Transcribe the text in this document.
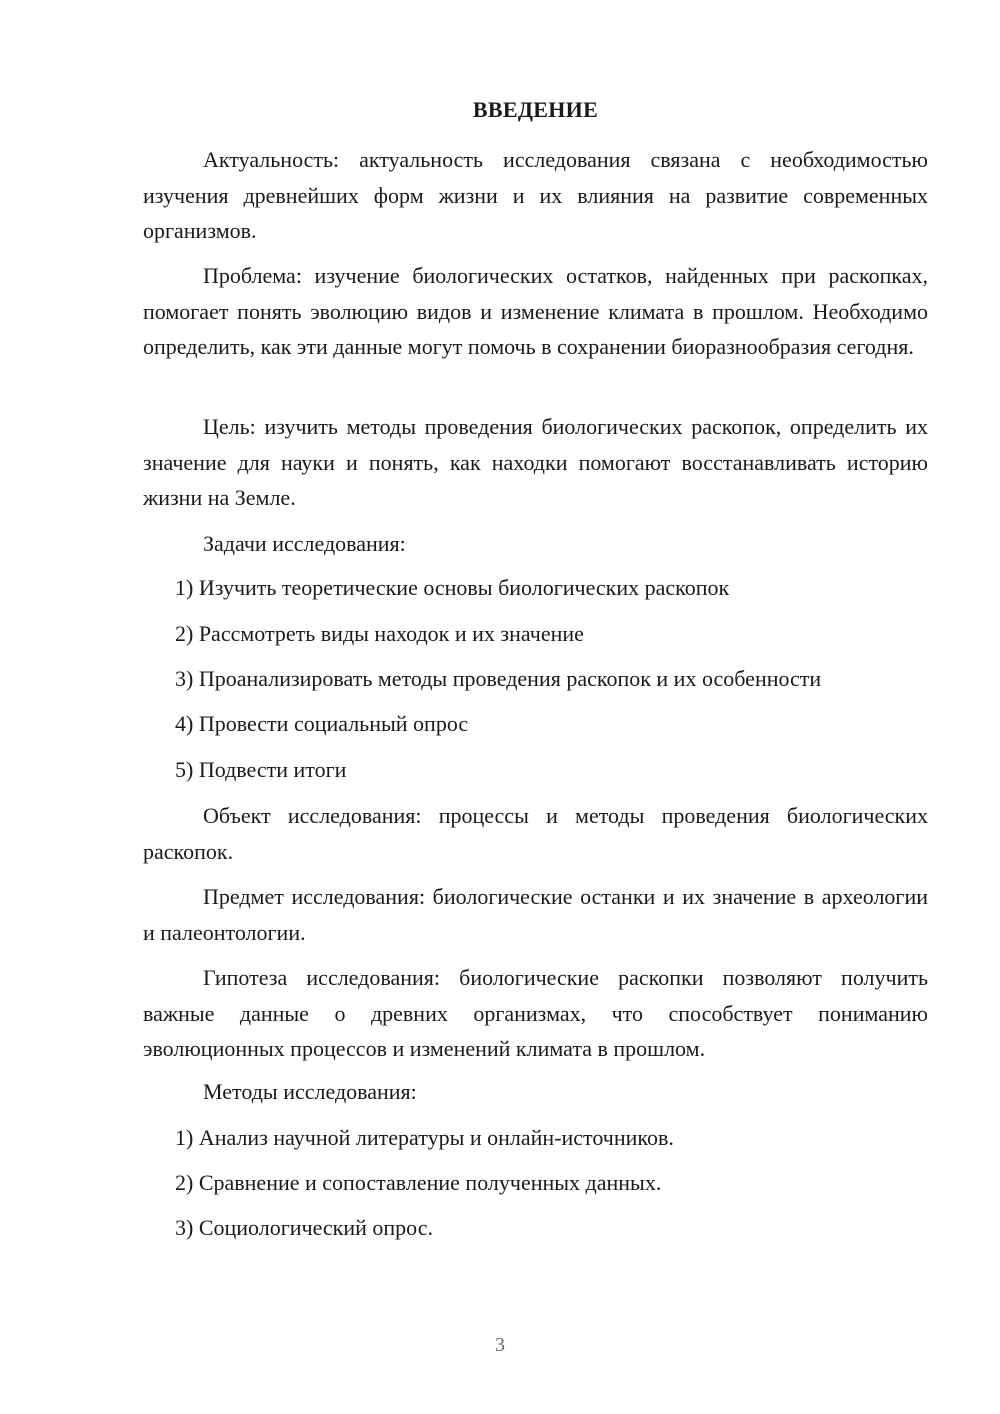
ВВЕДЕНИЕ

Актуальность: актуальность исследования связана с необходимостью изучения древнейших форм жизни и их влияния на развитие современных организмов.

Проблема: изучение биологических остатков, найденных при раскопках, помогает понять эволюцию видов и изменение климата в прошлом. Необходимо определить, как эти данные могут помочь в сохранении биоразнообразия сегодня.

Цель: изучить методы проведения биологических раскопок, определить их значение для науки и понять, как находки помогают восстанавливать историю жизни на Земле.

Задачи исследования:
1) Изучить теоретические основы биологических раскопок
2) Рассмотреть виды находок и их значение
3) Проанализировать методы проведения раскопок и их особенности
4) Провести социальный опрос
5) Подвести итоги

Объект исследования: процессы и методы проведения биологических раскопок.

Предмет исследования: биологические останки и их значение в археологии и палеонтологии.

Гипотеза исследования: биологические раскопки позволяют получить важные данные о древних организмах, что способствует пониманию эволюционных процессов и изменений климата в прошлом.

Методы исследования:
1) Анализ научной литературы и онлайн-источников.
2) Сравнение и сопоставление полученных данных.
3) Социологический опрос.
3
